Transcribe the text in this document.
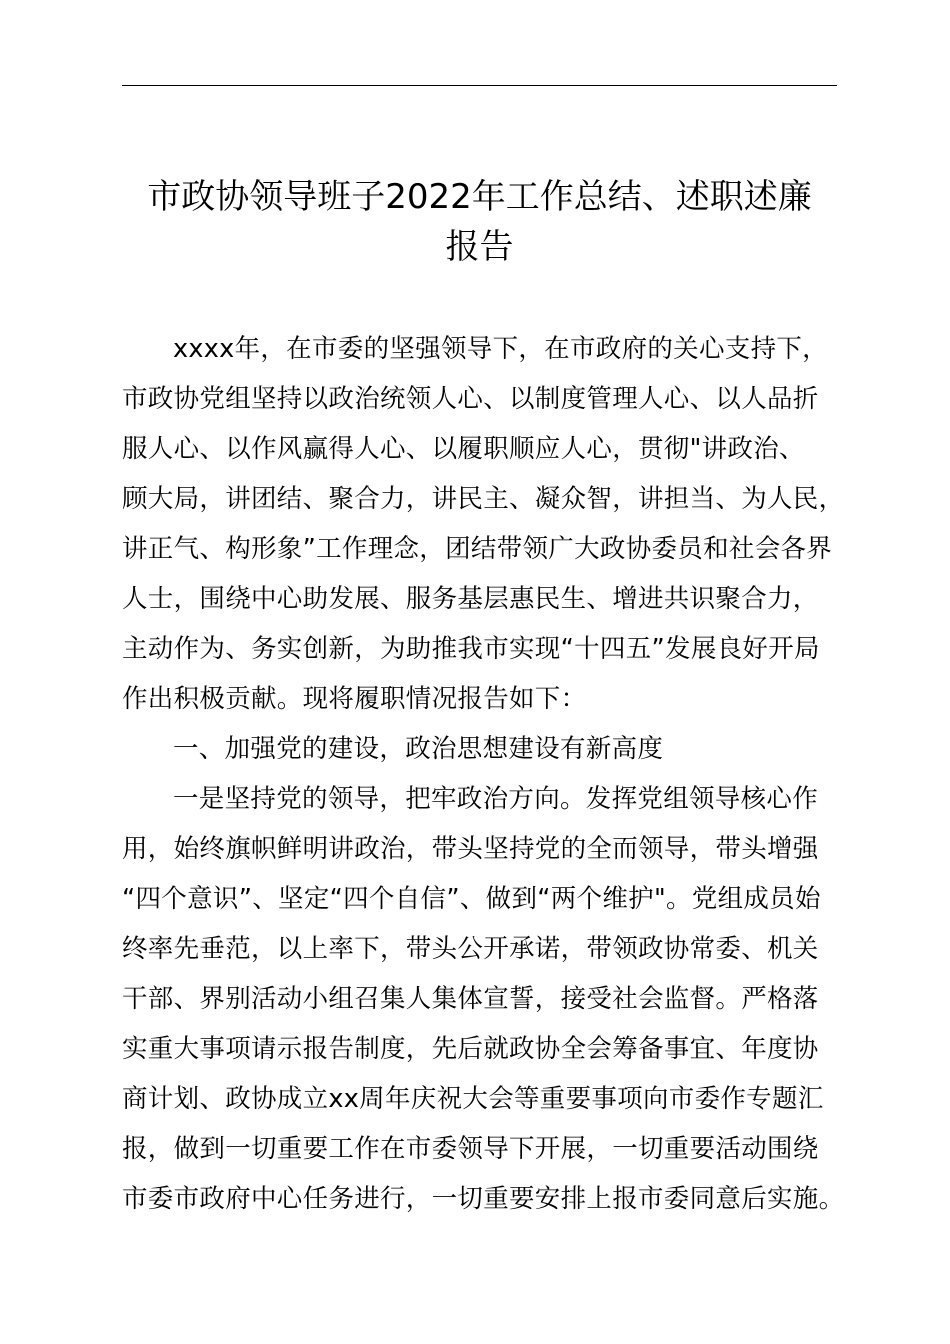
市政协领导班子2022年工作总结、述职述廉
报告

xxxx年，在市委的坚强领导下，在市政府的关心支持下，
市政协党组坚持以政治统领人心、以制度管理人心、以人品折
服人心、以作风赢得人心、以履职顺应人心，贯彻"讲政治、
顾大局，讲团结、聚合力，讲民主、凝众智，讲担当、为人民，
讲正气、构形象”工作理念，团结带领广大政协委员和社会各界
人士，围绕中心助发展、服务基层惠民生、增进共识聚合力，
主动作为、务实创新，为助推我市实现“十四五”发展良好开局
作出积极贡献。现将履职情况报告如下：

一、加强党的建设，政治思想建设有新高度

一是坚持党的领导，把牢政治方向。发挥党组领导核心作
用，始终旗帜鲜明讲政治，带头坚持党的全而领导，带头增强
“四个意识”、坚定“四个自信”、做到“两个维护"。党组成员始
终率先垂范，以上率下，带头公开承诺，带领政协常委、机关
干部、界别活动小组召集人集体宣誓，接受社会监督。严格落
实重大事项请示报告制度，先后就政协全会筹备事宜、年度协
商计划、政协成立xx周年庆祝大会等重要事项向市委作专题汇
报，做到一切重要工作在市委领导下开展，一切重要活动围绕
市委市政府中心任务进行，一切重要安排上报市委同意后实施。
